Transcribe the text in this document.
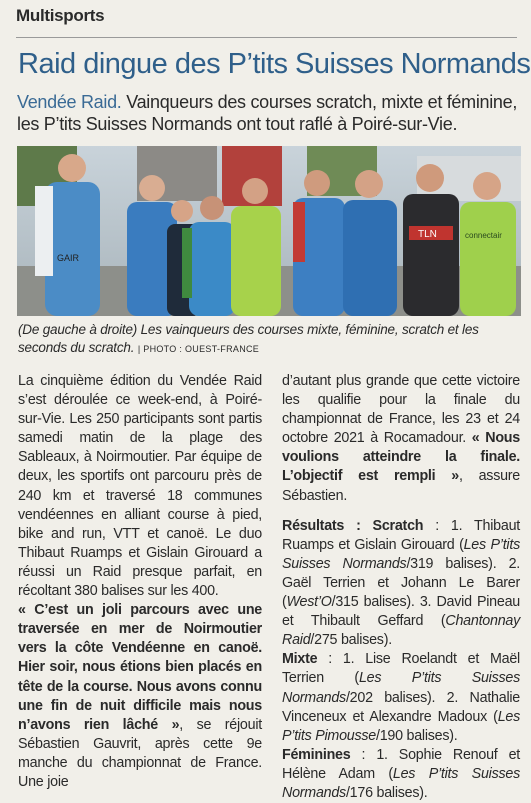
Multisports
Raid dingue des P’tits Suisses Normands
Vendée Raid. Vainqueurs des courses scratch, mixte et féminine, les P’tits Suisses Normands ont tout raflé à Poiré-sur-Vie.
GAIR
TLN	connectair
(De gauche à droite) Les vainqueurs des courses mixte, féminine, scratch et les seconds du scratch. | PHOTO : OUEST-FRANCE

La cinquième édition du Vendée Raid s’est déroulée ce week-end, à Poiré-sur-Vie. Les 250 participants sont partis samedi matin de la plage des Sableaux, à Noirmoutier. Par équipe de deux, les sportifs ont parcouru près de 240 km et traversé 18 communes vendéennes en alliant course à pied, bike and run, VTT et canoë. Le duo Thibaut Ruamps et Gislain Girouard a réussi un Raid presque parfait, en récoltant 380 balises sur les 400.

« C’est un joli parcours avec une traversée en mer de Noirmoutier vers la côte Vendéenne en canoë. Hier soir, nous étions bien placés en tête de la course. Nous avons connu une fin de nuit difficile mais nous n’avons rien lâché », se réjouit Sébastien Gauvrit, après cette 9e manche du championnat de France. Une joie

d’autant plus grande que cette victoire les qualifie pour la finale du championnat de France, les 23 et 24 octobre 2021 à Rocamadour. « Nous voulions atteindre la finale. L’objectif est rempli », assure Sébastien.

Résultats : Scratch : 1. Thibaut Ruamps et Gislain Girouard (Les P’tits Suisses Normands/319 balises). 2. Gaël Terrien et Johann Le Barer (West’O/315 balises). 3. David Pineau et Thibault Geffard (Chantonnay Raid/275 balises).

Mixte : 1. Lise Roelandt et Maël Terrien (Les P’tits Suisses Normands/202 balises). 2. Nathalie Vinceneux et Alexandre Madoux (Les P’tits Pimousse/190 balises).

Féminines : 1. Sophie Renouf et Hélène Adam (Les P’tits Suisses Normands/176 balises).
